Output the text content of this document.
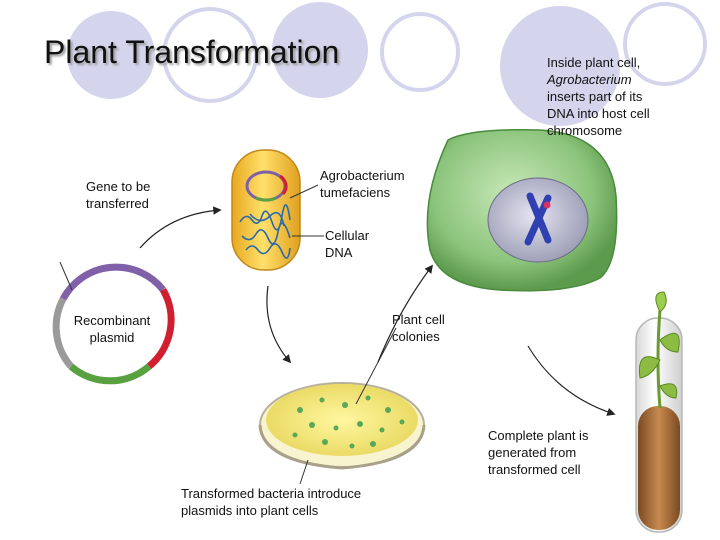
Plant Transformation
Gene to be
transferred
Recombinant
plasmid
Agrobacterium
tumefaciens
Cellular
DNA
Inside plant cell,
Agrobacterium
inserts part of its
DNA into host cell
chromosome
Plant cell
colonies
Complete plant is
generated from
transformed cell
Transformed bacteria introduce
plasmids into plant cells
